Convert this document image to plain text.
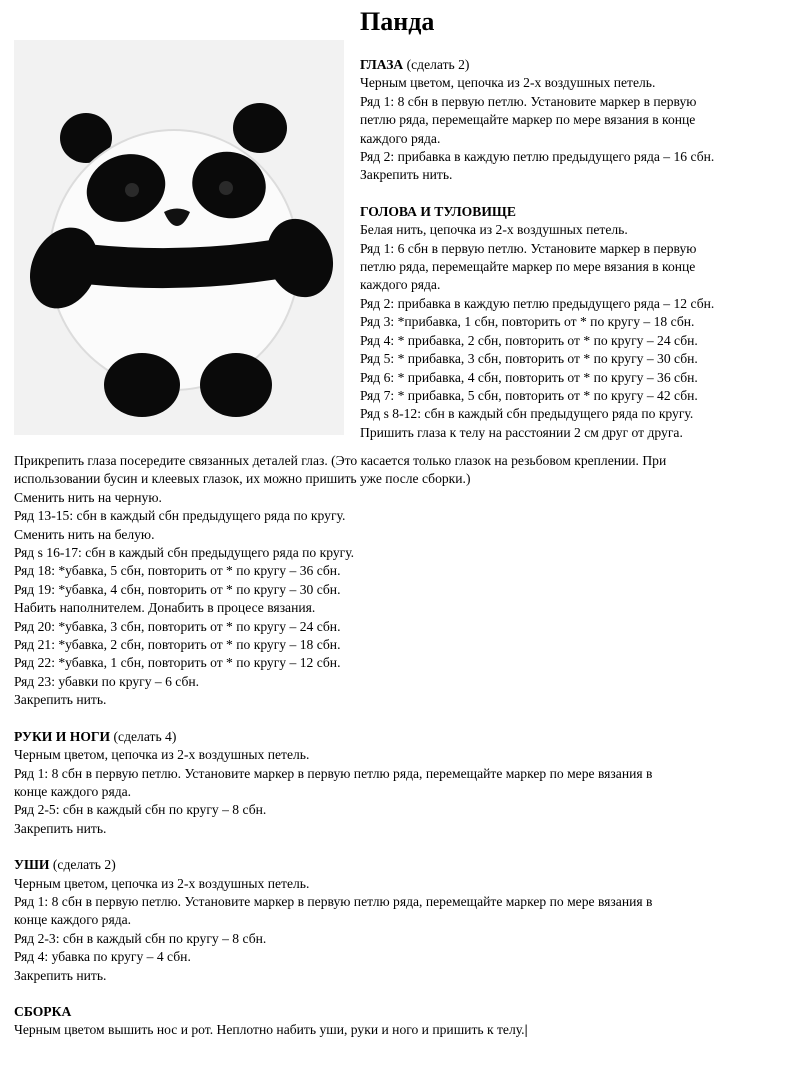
Панда
ГЛАЗА (сделать 2)
Черным цветом, цепочка из 2-х воздушных петель.
Ряд 1: 8 сбн в первую петлю. Установите маркер в первую
петлю ряда, перемещайте маркер по мере вязания в конце
каждого ряда.
Ряд 2: прибавка в каждую петлю предыдущего ряда – 16 сбн.
Закрепить нить.
ГОЛОВА И ТУЛОВИЩЕ
Белая нить, цепочка из 2-х воздушных петель.
Ряд 1: 6 сбн в первую петлю. Установите маркер в первую
петлю ряда, перемещайте маркер по мере вязания в конце
каждого ряда.
Ряд 2: прибавка в каждую петлю предыдущего ряда – 12 сбн.
Ряд 3: *прибавка, 1 сбн, повторить от * по кругу – 18 сбн.
Ряд 4: * прибавка, 2 сбн, повторить от * по кругу – 24 сбн.
Ряд 5: * прибавка, 3 сбн, повторить от * по кругу – 30 сбн.
Ряд 6: * прибавка, 4 сбн, повторить от * по кругу – 36 сбн.
Ряд 7: * прибавка, 5 сбн, повторить от * по кругу – 42 сбн.
Ряд s 8-12: сбн в каждый сбн предыдущего ряда по кругу.
Пришить глаза к телу на расстоянии 2 см друг от друга.
Прикрепить глаза посередите связанных деталей глаз. (Это касается только глазок на резьбовом креплении. При
использовании бусин и клеевых глазок, их можно пришить уже после сборки.)
Сменить нить на черную.
Ряд 13-15: сбн в каждый сбн предыдущего ряда по кругу.
Сменить нить на белую.
Ряд s 16-17: сбн в каждый сбн предыдущего ряда по кругу.
Ряд 18: *убавка, 5 сбн, повторить от * по кругу – 36 сбн.
Ряд 19: *убавка, 4 сбн, повторить от * по кругу – 30 сбн.
Набить наполнителем. Донабить в процесе вязания.
Ряд 20: *убавка, 3 сбн, повторить от * по кругу – 24 сбн.
Ряд 21: *убавка, 2 сбн, повторить от * по кругу – 18 сбн.
Ряд 22: *убавка, 1 сбн, повторить от * по кругу – 12 сбн.
Ряд 23: убавки по кругу – 6 сбн.
Закрепить нить.
РУКИ И НОГИ (сделать 4)
Черным цветом, цепочка из 2-х воздушных петель.
Ряд 1: 8 сбн в первую петлю. Установите маркер в первую петлю ряда, перемещайте маркер по мере вязания в
конце каждого ряда.
Ряд 2-5: сбн в каждый сбн по кругу – 8 сбн.
Закрепить нить.
УШИ (сделать 2)
Черным цветом, цепочка из 2-х воздушных петель.
Ряд 1: 8 сбн в первую петлю. Установите маркер в первую петлю ряда, перемещайте маркер по мере вязания в
конце каждого ряда.
Ряд 2-3: сбн в каждый сбн по кругу – 8 сбн.
Ряд 4: убавка по кругу – 4 сбн.
Закрепить нить.
СБОРКА
Черным цветом вышить нос и рот. Неплотно набить уши, руки и ного и пришить к телу.|
